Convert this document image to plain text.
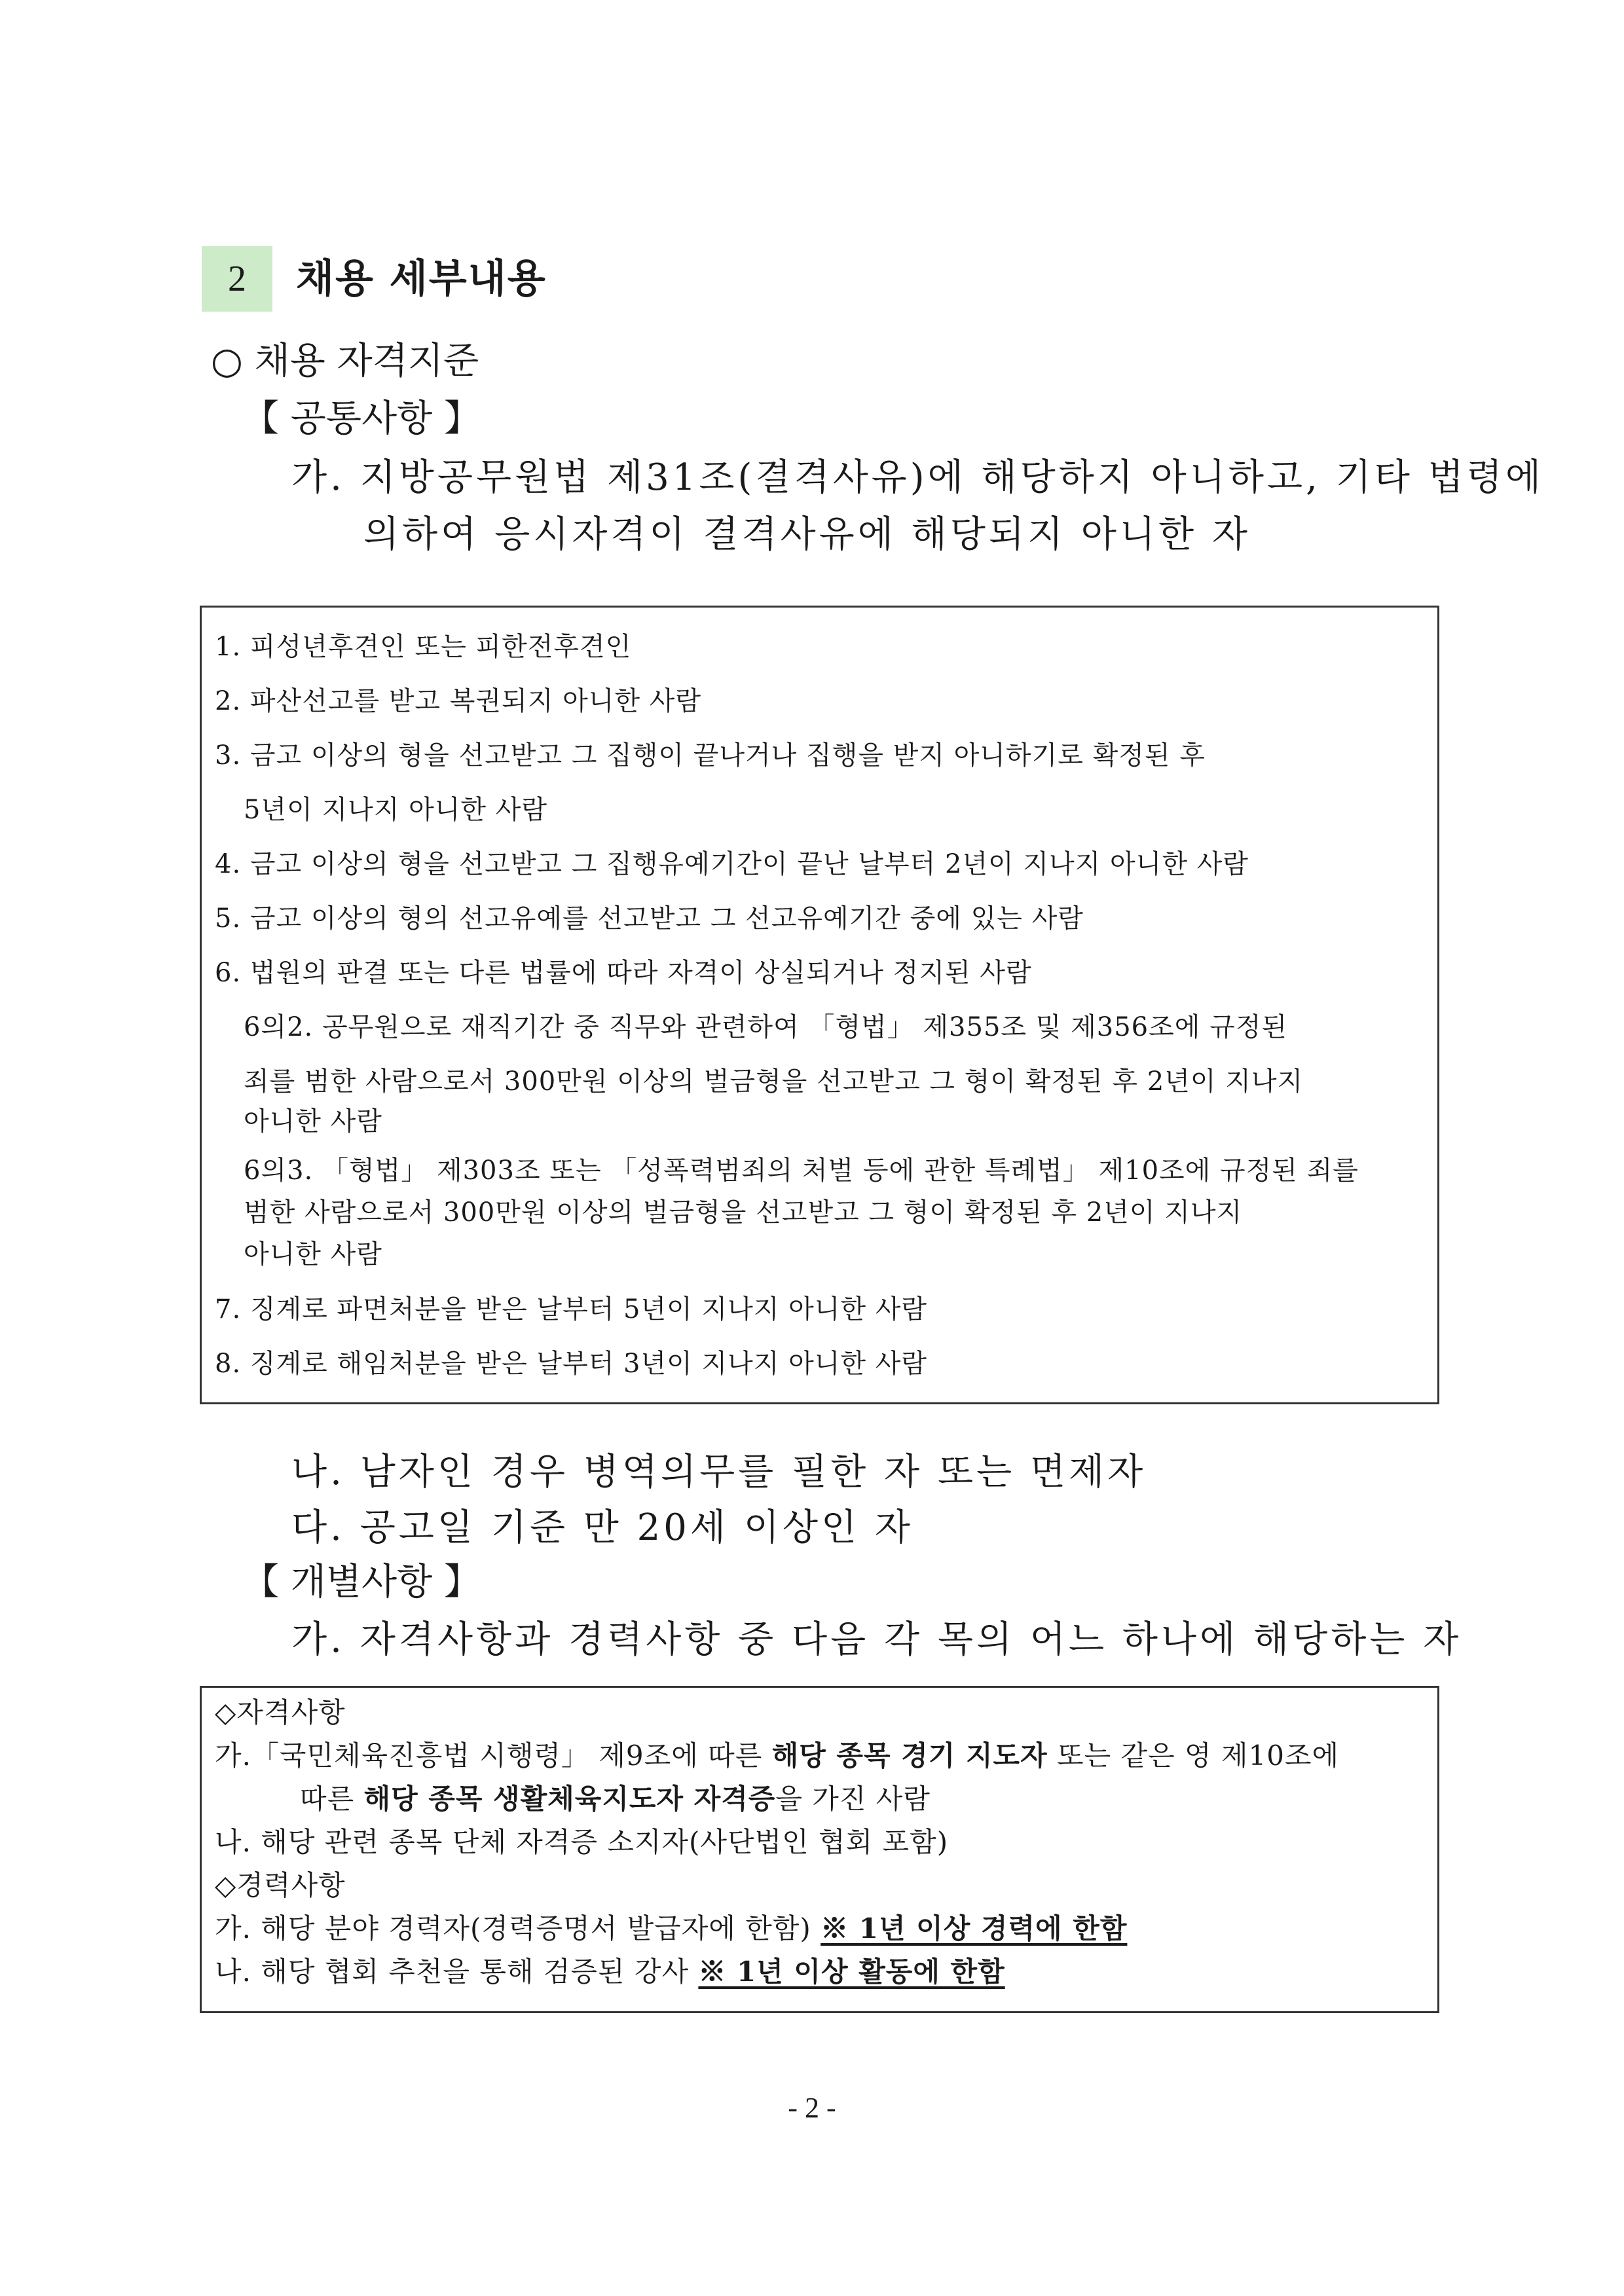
2	채용 세부내용
○ 채용 자격지준
【 공통사항 】
가. 지방공무원법 제31조(결격사유)에 해당하지 아니하고, 기타 법령에
의하여 응시자격이 결격사유에 해당되지 아니한 자
1. 피성년후견인 또는 피한전후견인
2. 파산선고를 받고 복권되지 아니한 사람
3. 금고 이상의 형을 선고받고 그 집행이 끝나거나 집행을 받지 아니하기로 확정된 후
5년이 지나지 아니한 사람
4. 금고 이상의 형을 선고받고 그 집행유예기간이 끝난 날부터 2년이 지나지 아니한 사람
5. 금고 이상의 형의 선고유예를 선고받고 그 선고유예기간 중에 있는 사람
6. 법원의 판결 또는 다른 법률에 따라 자격이 상실되거나 정지된 사람
6의2. 공무원으로 재직기간 중 직무와 관련하여 「형법」 제355조 및 제356조에 규정된
죄를 범한 사람으로서 300만원 이상의 벌금형을 선고받고 그 형이 확정된 후 2년이 지나지
아니한 사람
6의3. 「형법」 제303조 또는 「성폭력범죄의 처벌 등에 관한 특례법」 제10조에 규정된 죄를
범한 사람으로서 300만원 이상의 벌금형을 선고받고 그 형이 확정된 후 2년이 지나지
아니한 사람
7. 징계로 파면처분을 받은 날부터 5년이 지나지 아니한 사람
8. 징계로 해임처분을 받은 날부터 3년이 지나지 아니한 사람
나. 남자인 경우 병역의무를 필한 자 또는 면제자
다. 공고일 기준 만 20세 이상인 자
【 개별사항 】
가. 자격사항과 경력사항 중 다음 각 목의 어느 하나에 해당하는 자
◇자격사항
가.「국민체육진흥법 시행령」 제9조에 따른 해당 종목 경기 지도자 또는 같은 영 제10조에
따른 해당 종목 생활체육지도자 자격증을 가진 사람
나. 해당 관련 종목 단체 자격증 소지자(사단법인 협회 포함)
◇경력사항
가. 해당 분야 경력자(경력증명서 발급자에 한함) ※ 1년 이상 경력에 한함
나. 해당 협회 추천을 통해 검증된 강사 ※ 1년 이상 활동에 한함
- 2 -
